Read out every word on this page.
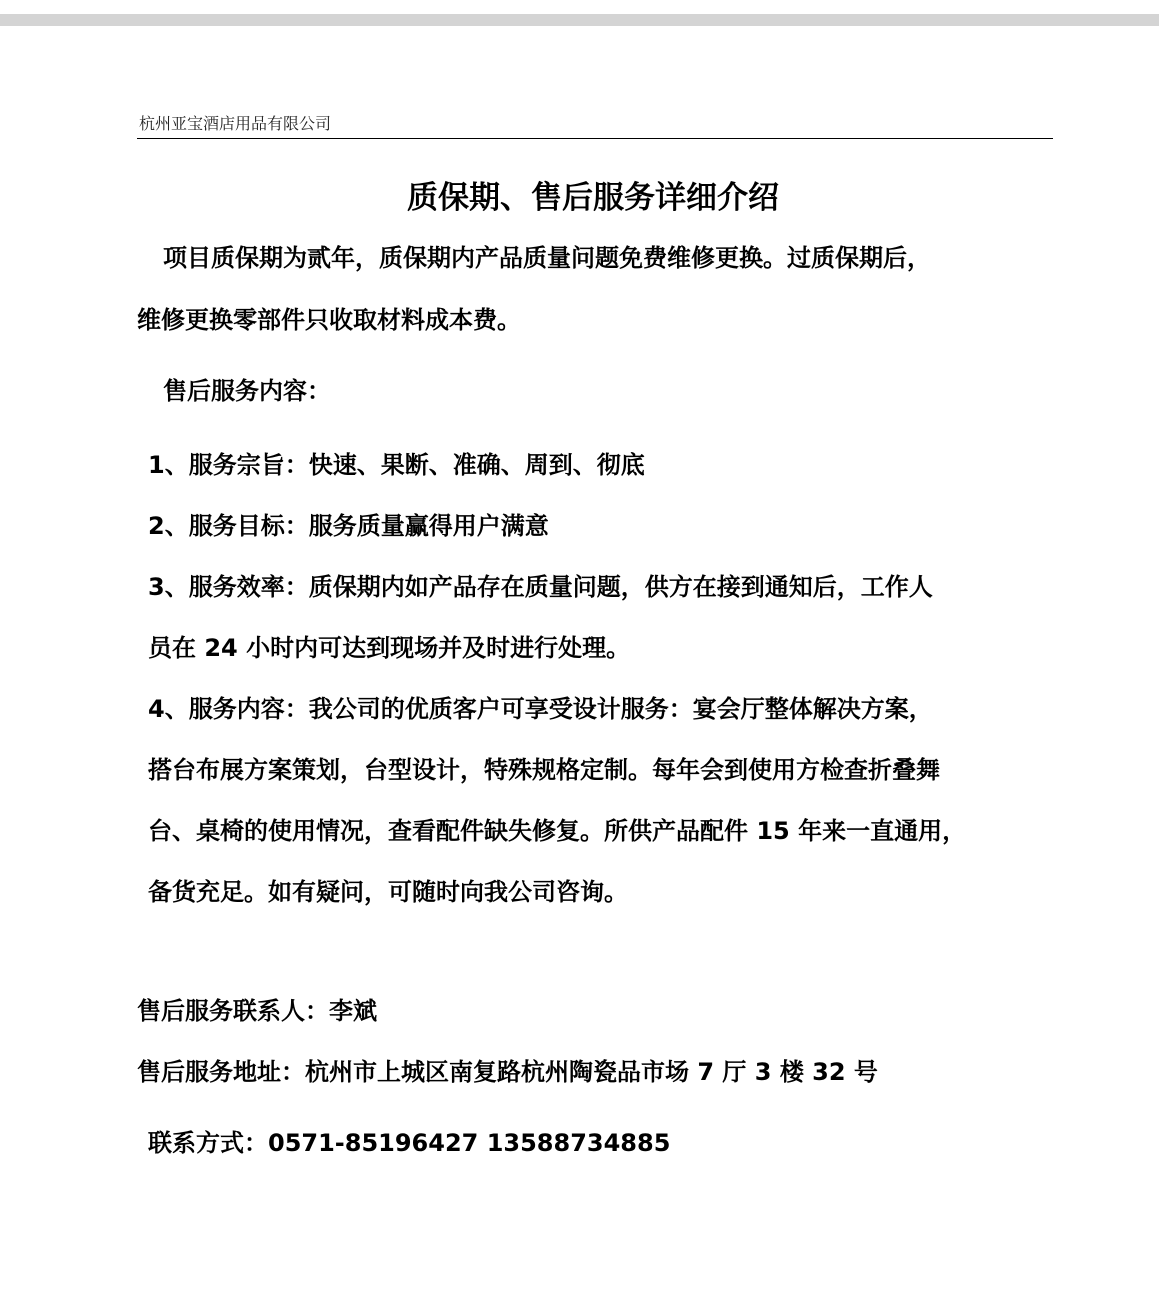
杭州亚宝酒店用品有限公司
质保期、售后服务详细介绍
项目质保期为贰年，质保期内产品质量问题免费维修更换。过质保期后，
维修更换零部件只收取材料成本费。
售后服务内容：
1、服务宗旨：快速、果断、准确、周到、彻底
2、服务目标：服务质量赢得用户满意
3、服务效率：质保期内如产品存在质量问题，供方在接到通知后，工作人
员在 24 小时内可达到现场并及时进行处理。
4、服务内容：我公司的优质客户可享受设计服务：宴会厅整体解决方案，
搭台布展方案策划，台型设计，特殊规格定制。每年会到使用方检查折叠舞
台、桌椅的使用情况，查看配件缺失修复。所供产品配件 15 年来一直通用，
备货充足。如有疑问，可随时向我公司咨询。
售后服务联系人：李斌
售后服务地址：杭州市上城区南复路杭州陶瓷品市场 7 厅 3 楼 32 号
联系方式：0571-85196427 13588734885
